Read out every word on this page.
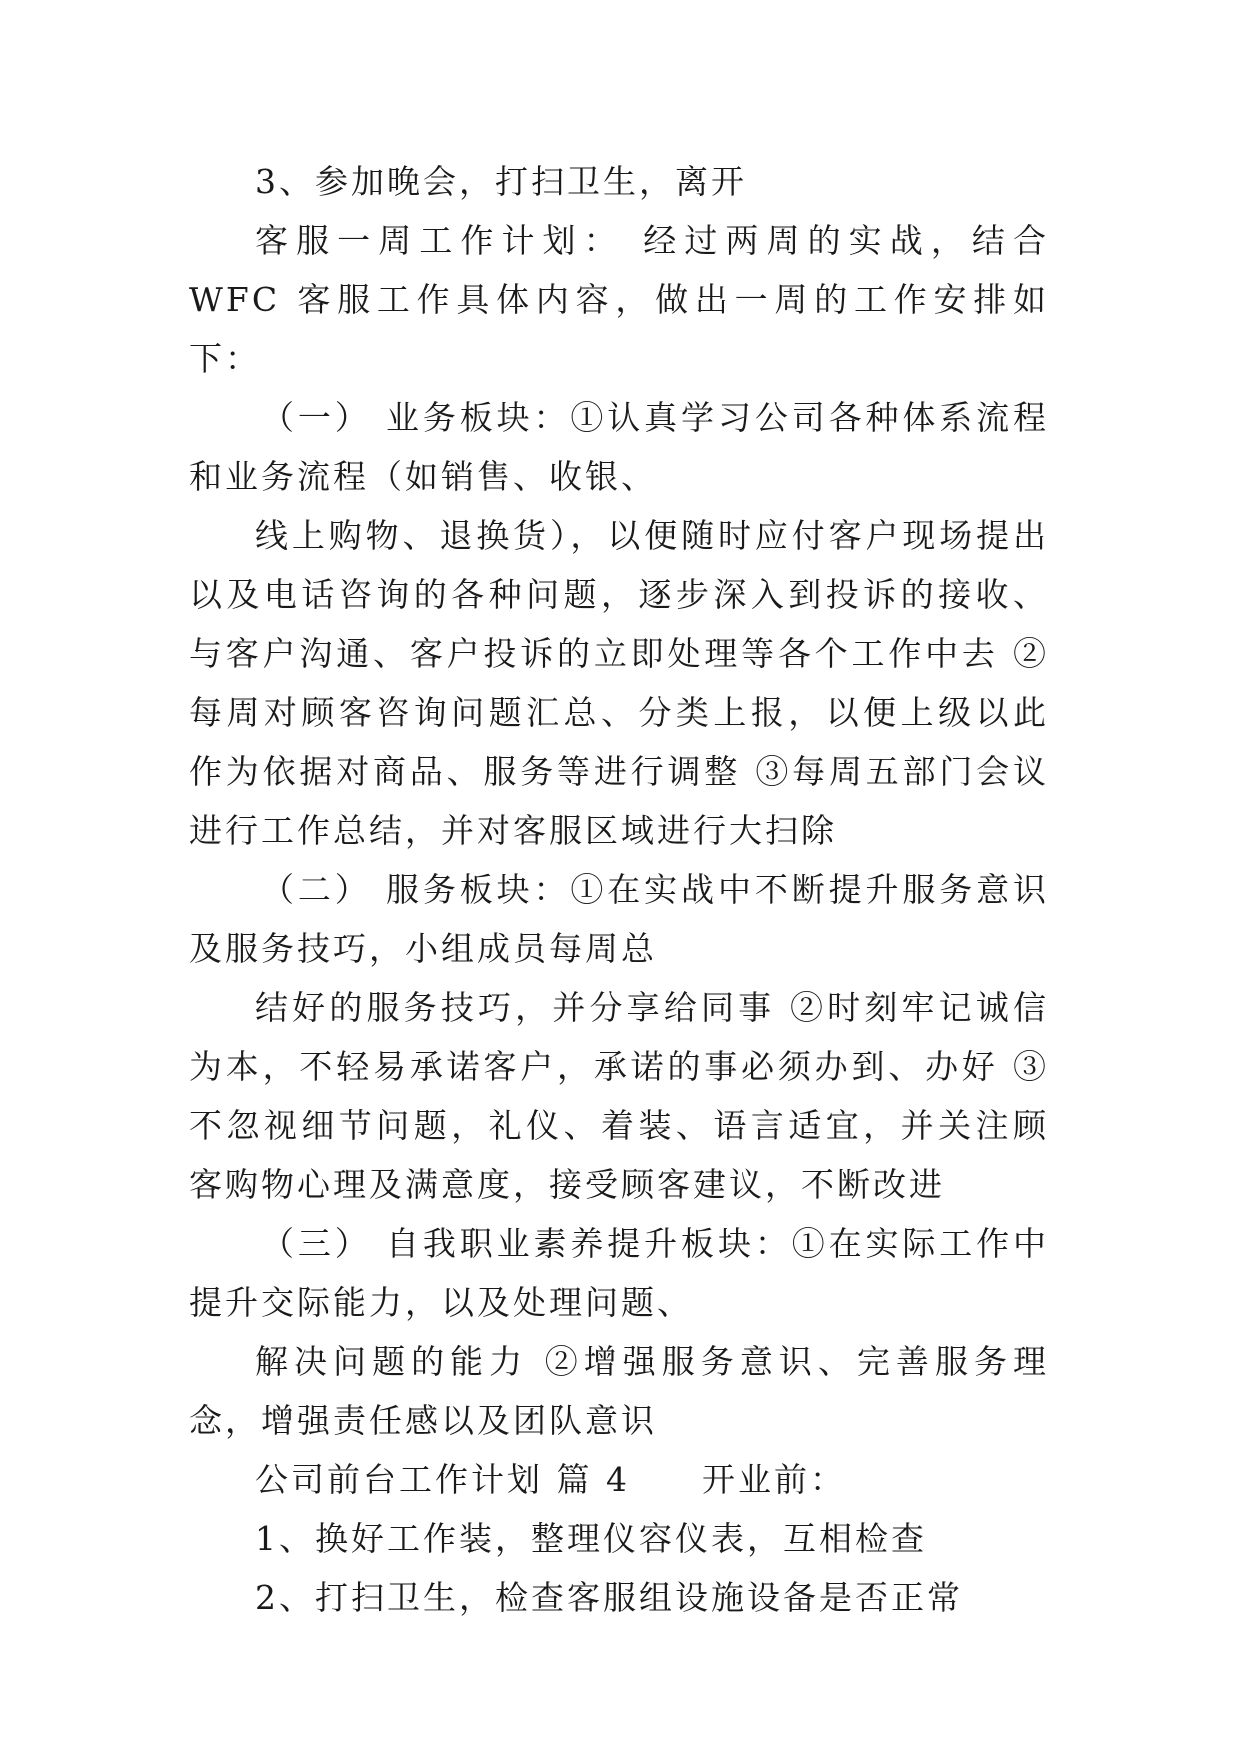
3、参加晚会，打扫卫生，离开

客服一周工作计划： 经过两周的实战，结合 WFC 客服工作具体内容，做出一周的工作安排如下：

（一） 业务板块：①认真学习公司各种体系流程和业务流程（如销售、收银、

线上购物、退换货），以便随时应付客户现场提出以及电话咨询的各种问题，逐步深入到投诉的接收、与客户沟通、客户投诉的立即处理等各个工作中去 ②每周对顾客咨询问题汇总、分类上报，以便上级以此作为依据对商品、服务等进行调整 ③每周五部门会议进行工作总结，并对客服区域进行大扫除

（二） 服务板块：①在实战中不断提升服务意识及服务技巧，小组成员每周总

结好的服务技巧，并分享给同事 ②时刻牢记诚信为本，不轻易承诺客户，承诺的事必须办到、办好 ③不忽视细节问题，礼仪、着装、语言适宜，并关注顾客购物心理及满意度，接受顾客建议，不断改进

（三） 自我职业素养提升板块：①在实际工作中提升交际能力，以及处理问题、

解决问题的能力 ②增强服务意识、完善服务理念，增强责任感以及团队意识

公司前台工作计划 篇 4　　开业前：

1、换好工作装，整理仪容仪表，互相检查

2、打扫卫生，检查客服组设施设备是否正常
